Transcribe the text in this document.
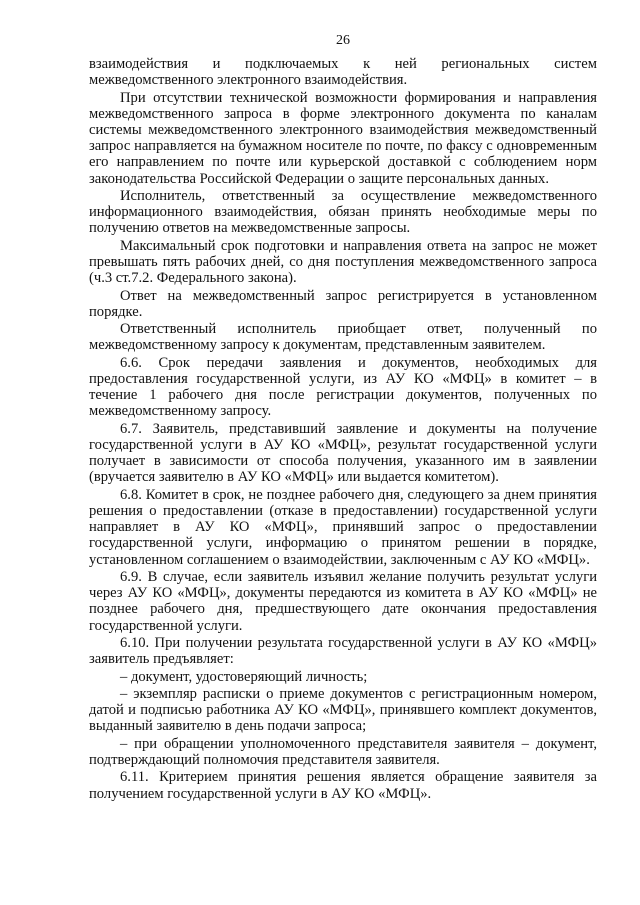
26

взаимодействия и подключаемых к ней региональных систем межведомственного электронного взаимодействия.

При отсутствии технической возможности формирования и направления межведомственного запроса в форме электронного документа по каналам системы межведомственного электронного взаимодействия межведомственный запрос направляется на бумажном носителе по почте, по факсу с одновременным его направлением по почте или курьерской доставкой с соблюдением норм законодательства Российской Федерации о защите персональных данных.

Исполнитель, ответственный за осуществление межведомственного информационного взаимодействия, обязан принять необходимые меры по получению ответов на межведомственные запросы.

Максимальный срок подготовки и направления ответа на запрос не может превышать пять рабочих дней, со дня поступления межведомственного запроса (ч.3 ст.7.2. Федерального закона).

Ответ на межведомственный запрос регистрируется в установленном порядке.

Ответственный исполнитель приобщает ответ, полученный по межведомственному запросу к документам, представленным заявителем.

6.6. Срок передачи заявления и документов, необходимых для предоставления государственной услуги, из АУ КО «МФЦ» в комитет – в течение 1 рабочего дня после регистрации документов, полученных по межведомственному запросу.

6.7. Заявитель, представивший заявление и документы на получение государственной услуги в АУ КО «МФЦ», результат государственной услуги получает в зависимости от способа получения, указанного им в заявлении (вручается заявителю в АУ КО «МФЦ» или выдается комитетом).

6.8. Комитет в срок, не позднее рабочего дня, следующего за днем принятия решения о предоставлении (отказе в предоставлении) государственной услуги направляет в АУ КО «МФЦ», принявший запрос о предоставлении государственной услуги, информацию о принятом решении в порядке, установленном соглашением о взаимодействии, заключенным с АУ КО «МФЦ».

6.9. В случае, если заявитель изъявил желание получить результат услуги через АУ КО «МФЦ», документы передаются из комитета в АУ КО «МФЦ» не позднее рабочего дня, предшествующего дате окончания предоставления государственной услуги.

6.10. При получении результата государственной услуги в АУ КО «МФЦ» заявитель предъявляет:

– документ, удостоверяющий личность;

– экземпляр расписки о приеме документов с регистрационным номером, датой и подписью работника АУ КО «МФЦ», принявшего комплект документов, выданный заявителю в день подачи запроса;

– при обращении уполномоченного представителя заявителя – документ, подтверждающий полномочия представителя заявителя.

6.11. Критерием принятия решения является обращение заявителя за получением государственной услуги в АУ КО «МФЦ».
